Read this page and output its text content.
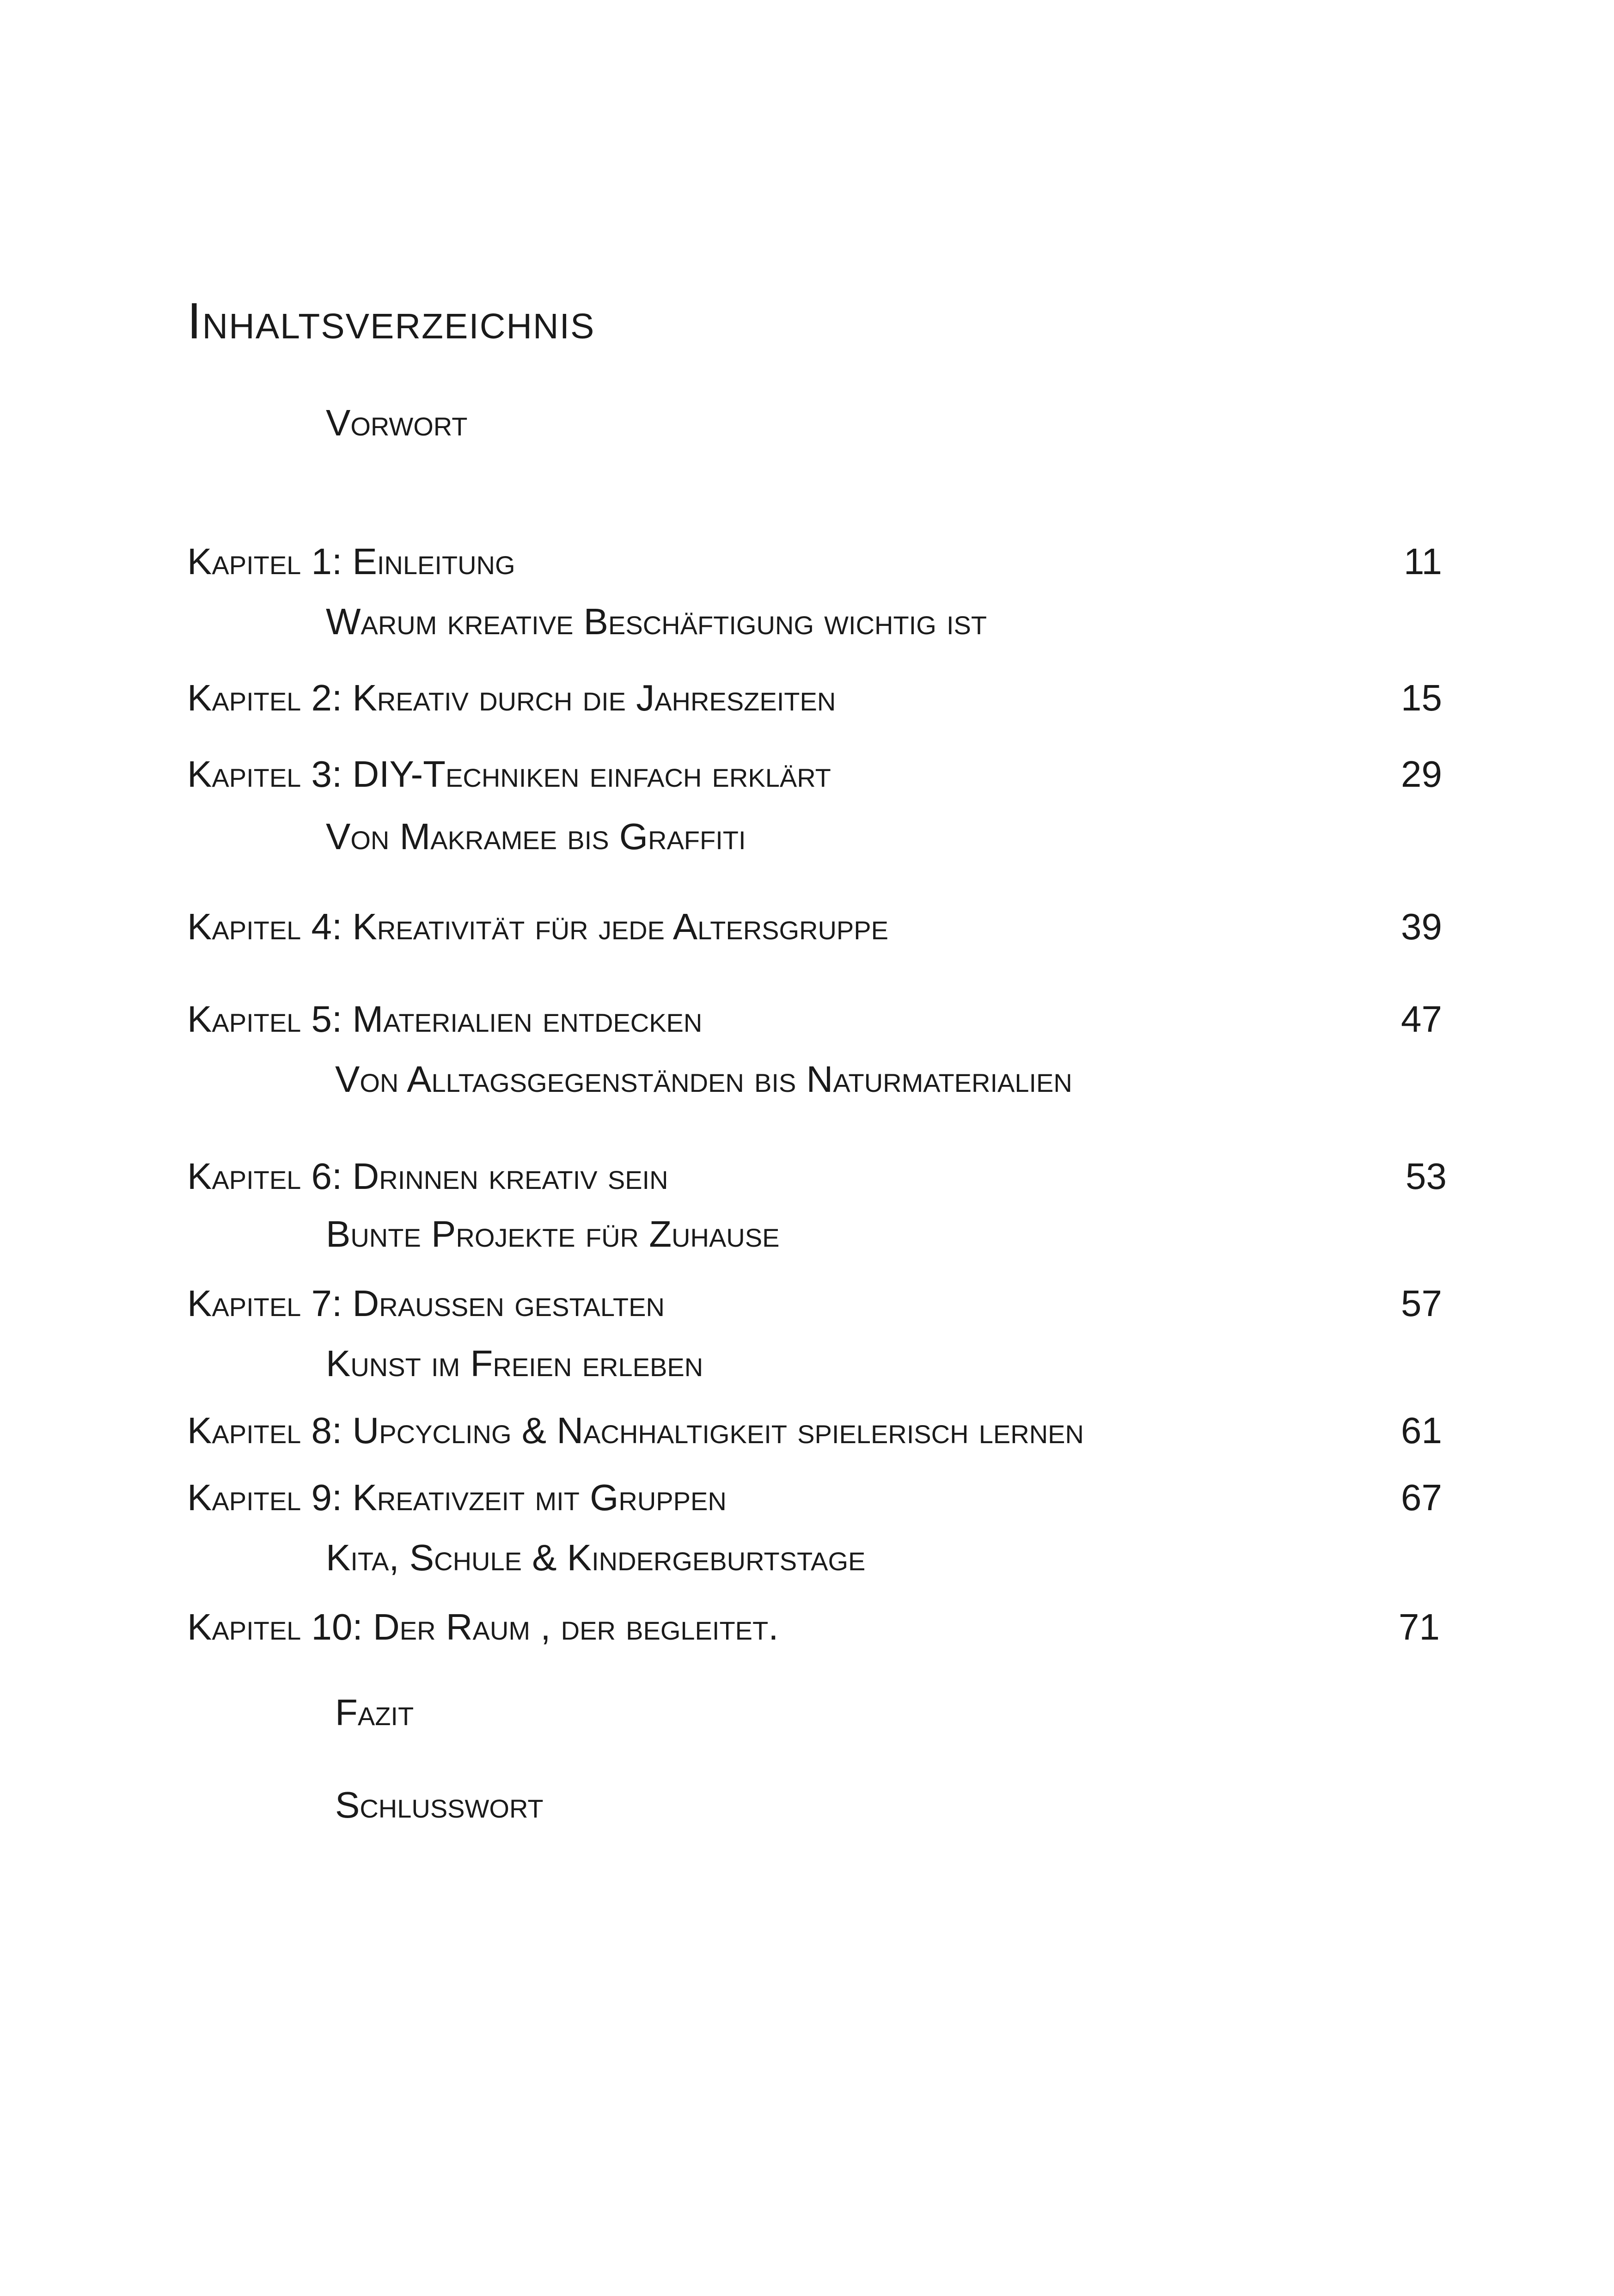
Inhaltsverzeichnis
Vorwort
Kapitel 1: Einleitung	11
Warum kreative Beschäftigung wichtig ist
Kapitel 2: Kreativ durch die Jahreszeiten	15
Kapitel 3: DIY-Techniken einfach erklärt	29
Von Makramee bis Graffiti
Kapitel 4: Kreativität für jede Altersgruppe	39
Kapitel 5: Materialien entdecken	47
Von Alltagsgegenständen bis Naturmaterialien
Kapitel 6: Drinnen kreativ sein	53
Bunte Projekte für Zuhause
Kapitel 7: Draußen gestalten	57
Kunst im Freien erleben
Kapitel 8: Upcycling & Nachhaltigkeit spielerisch lernen	61
Kapitel 9: Kreativzeit mit Gruppen	67
Kita, Schule & Kindergeburtstage
Kapitel 10: Der Raum , der begleitet.	71
Fazit
Schlusswort
